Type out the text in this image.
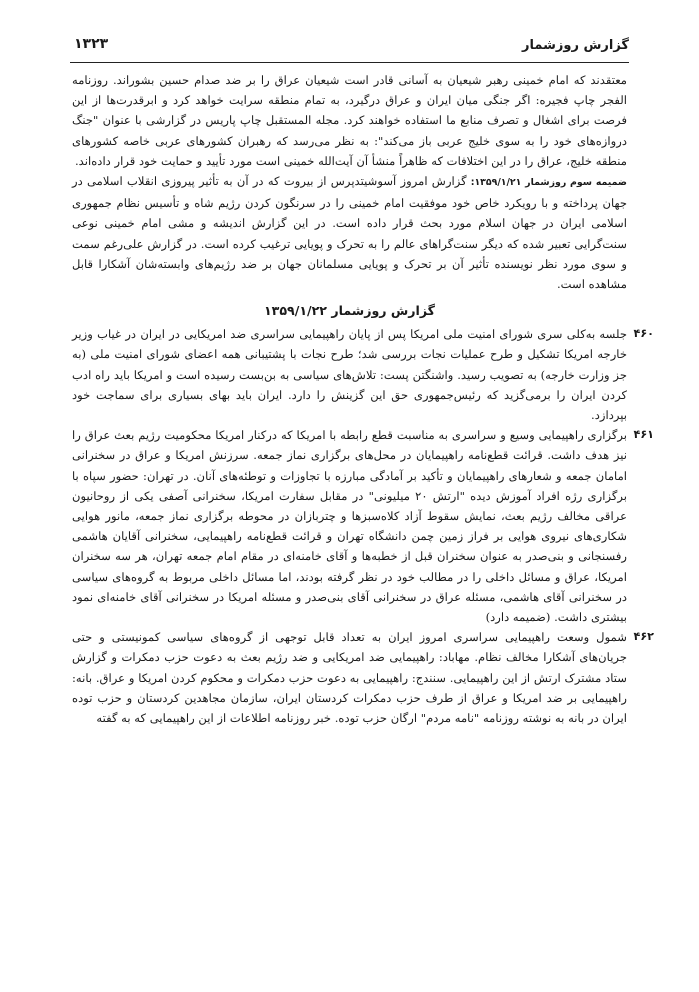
گزارش روزشمار
۱۳۲۳

معتقدند که امام خمینی رهبر شیعیان به آسانی قادر است شیعیان عراق را بر ضد صدام حسین بشوراند. روزنامه الفجر چاپ فجیره: اگر جنگی میان ایران و عراق درگیرد، به تمام منطقه سرایت خواهد کرد و ابرقدرت‌ها از این فرصت برای اشغال و تصرف منابع ما استفاده خواهند کرد. مجله المستقبل چاپ پاریس در گزارشی با عنوان "جنگ دروازه‌های خود را به سوی خلیج عربی باز می‌کند": به نظر می‌رسد که رهبران کشورهای عربی خاصه کشورهای منطقه خلیج، عراق را در این اختلافات که ظاهراً منشأ آن آیت‌الله خمینی است مورد تأیید و حمایت خود قرار داده‌اند.

ضمیمه سوم روزشمار ۱۳۵۹/۱/۲۱:گزارش امروز آسوشیتدپرس از بیروت که در آن به تأثیر پیروزی انقلاب اسلامی در جهان پرداخته و با رویکرد خاص خود موفقیت امام خمینی را در سرنگون کردن رژیم شاه و تأسیس نظام جمهوری اسلامی ایران در جهان اسلام مورد بحث قرار داده است. در این گزارش اندیشه و مشی امام خمینی نوعی سنت‌گرایی تعبیر شده که دیگر سنت‌گراهای عالم را به تحرک و پویایی ترغیب کرده است. در گزارش علی‌رغم سمت و سوی مورد نظر نویسنده تأثیر آن بر تحرک و پویایی مسلمانان جهان بر ضد رژیم‌های وابسته‌شان آشکارا قابل مشاهده است.

گزارش روزشمار ۱۳۵۹/۱/۲۲
۴۶۰

جلسه به‌کلی سری شورای امنیت ملی امریکا پس از پایان راهپیمایی سراسری ضد امریکایی در ایران در غیاب وزیر خارجه امریکا تشکیل و طرح عملیات نجات بررسی شد؛ طرح نجات با پشتیبانی همه اعضای شورای امنیت ملی (به جز وزارت خارجه) به تصویب رسید. واشنگتن پست: تلاش‌های سیاسی به بن‌بست رسیده است و امریکا باید راه ادب کردن ایران را برمی‌گزید که رئیس‌جمهوری حق این گزینش را دارد. ایران باید بهای بسیاری برای سماجت خود بپردازد.

۴۶۱

برگزاری راهپیمایی وسیع و سراسری به مناسبت قطع رابطه با امریکا که درکنار امریکا محکومیت رژیم بعث عراق را نیز هدف داشت. قرائت قطع‌نامه راهپیمایان در محل‌های برگزاری نماز جمعه. سرزنش امریکا و عراق در سخنرانی امامان جمعه و شعارهای راهپیمایان و تأکید بر آمادگی مبارزه با تجاوزات و توطئه‌های آنان. در تهران: حضور سپاه با برگزاری رژه افراد آموزش دیده "ارتش ۲۰ میلیونی" در مقابل سفارت امریکا، سخنرانی آصفی یکی از روحانیون عراقی مخالف رژیم بعث، نمایش سقوط آزاد کلاه‌سبزها و چتربازان در محوطه برگزاری نماز جمعه، مانور هوایی شکاری‌های نیروی هوایی بر فراز زمین چمن دانشگاه تهران و قرائت قطع‌نامه راهپیمایی، سخنرانی آقایان هاشمی رفسنجانی و بنی‌صدر به عنوان سخنران قبل از خطبه‌ها و آقای خامنه‌ای در مقام امام جمعه تهران، هر سه سخنران امریکا، عراق و مسائل داخلی را در مطالب خود در نظر گرفته بودند، اما مسائل داخلی مربوط به گروه‌های سیاسی در سخنرانی آقای هاشمی، مسئله عراق در سخنرانی آقای بنی‌صدر و مسئله امریکا در سخنرانی آقای خامنه‌ای نمود بیشتری داشت. (ضمیمه دارد)

۴۶۲

شمول وسعت راهپیمایی سراسری امروز ایران به تعداد قابل توجهی از گروه‌های سیاسی کمونیستی و حتی جریان‌های آشکارا مخالف نظام. مهاباد: راهپیمایی ضد امریکایی و ضد رژیم بعث به دعوت حزب دمکرات و گزارش ستاد مشترک ارتش از این راهپیمایی. سنندج: راهپیمایی به دعوت حزب دمکرات و محکوم کردن امریکا و عراق. بانه: راهپیمایی بر ضد امریکا و عراق از طرف حزب دمکرات کردستان ایران، سازمان مجاهدین کردستان و حزب توده ایران در بانه به نوشته روزنامه "نامه مردم" ارگان حزب توده. خبر روزنامه اطلاعات از این راهپیمایی که به گفته
